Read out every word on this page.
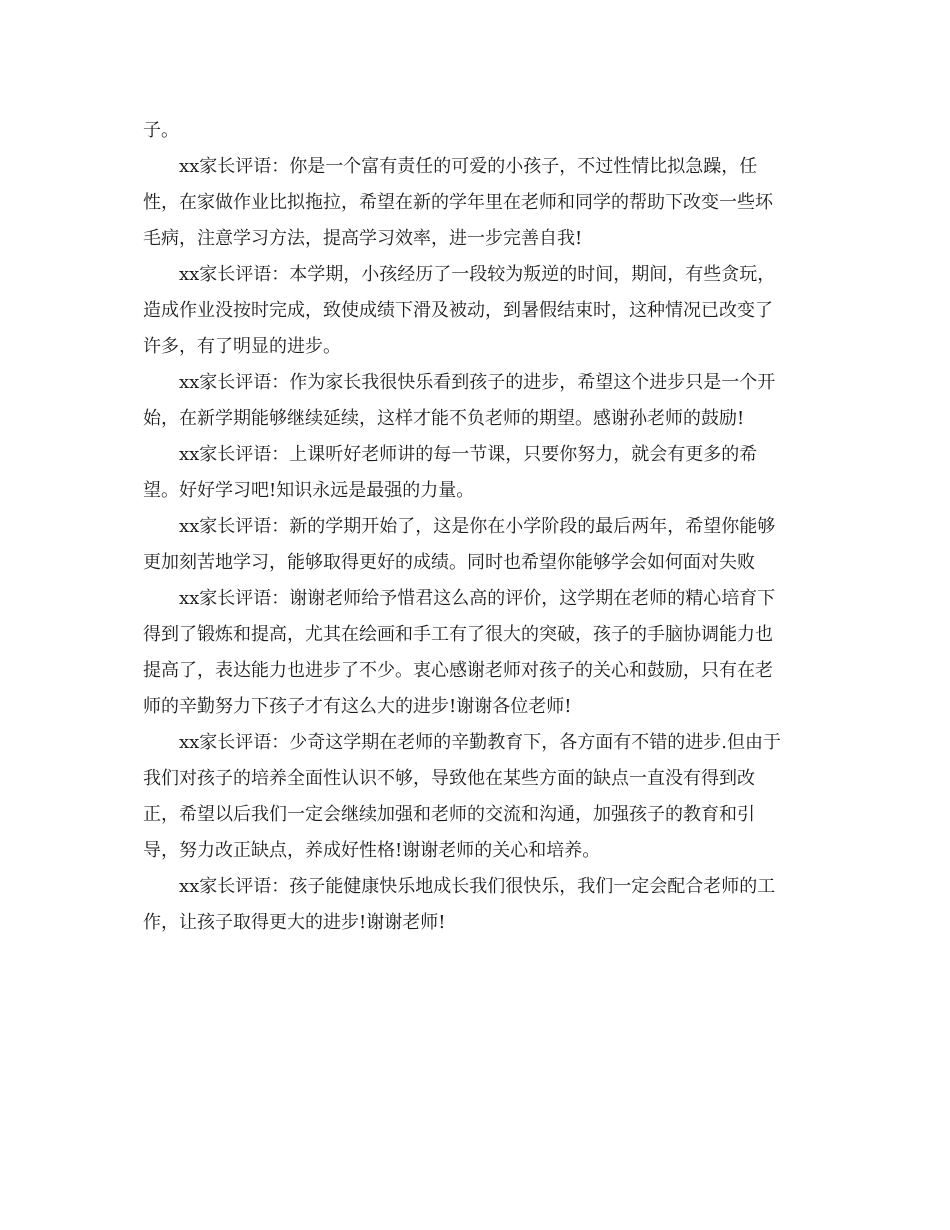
子。

xx家长评语：你是一个富有责任的可爱的小孩子，不过性情比拟急躁，任
性，在家做作业比拟拖拉，希望在新的学年里在老师和同学的帮助下改变一些坏
毛病，注意学习方法，提高学习效率，进一步完善自我!

xx家长评语：本学期，小孩经历了一段较为叛逆的时间，期间，有些贪玩，
造成作业没按时完成，致使成绩下滑及被动，到暑假结束时，这种情况已改变了
许多，有了明显的进步。

xx家长评语：作为家长我很快乐看到孩子的进步，希望这个进步只是一个开
始，在新学期能够继续延续，这样才能不负老师的期望。感谢孙老师的鼓励!

xx家长评语：上课听好老师讲的每一节课，只要你努力，就会有更多的希
望。好好学习吧!知识永远是最强的力量。

xx家长评语：新的学期开始了，这是你在小学阶段的最后两年，希望你能够
更加刻苦地学习，能够取得更好的成绩。同时也希望你能够学会如何面对失败

xx家长评语：谢谢老师给予惜君这么高的评价，这学期在老师的精心培育下
得到了锻炼和提高，尤其在绘画和手工有了很大的突破，孩子的手脑协调能力也
提高了，表达能力也进步了不少。衷心感谢老师对孩子的关心和鼓励，只有在老
师的辛勤努力下孩子才有这么大的进步!谢谢各位老师!

xx家长评语：少奇这学期在老师的辛勤教育下，各方面有不错的进步.但由于
我们对孩子的培养全面性认识不够，导致他在某些方面的缺点一直没有得到改
正，希望以后我们一定会继续加强和老师的交流和沟通，加强孩子的教育和引
导，努力改正缺点，养成好性格!谢谢老师的关心和培养。

xx家长评语：孩子能健康快乐地成长我们很快乐，我们一定会配合老师的工
作，让孩子取得更大的进步!谢谢老师!
